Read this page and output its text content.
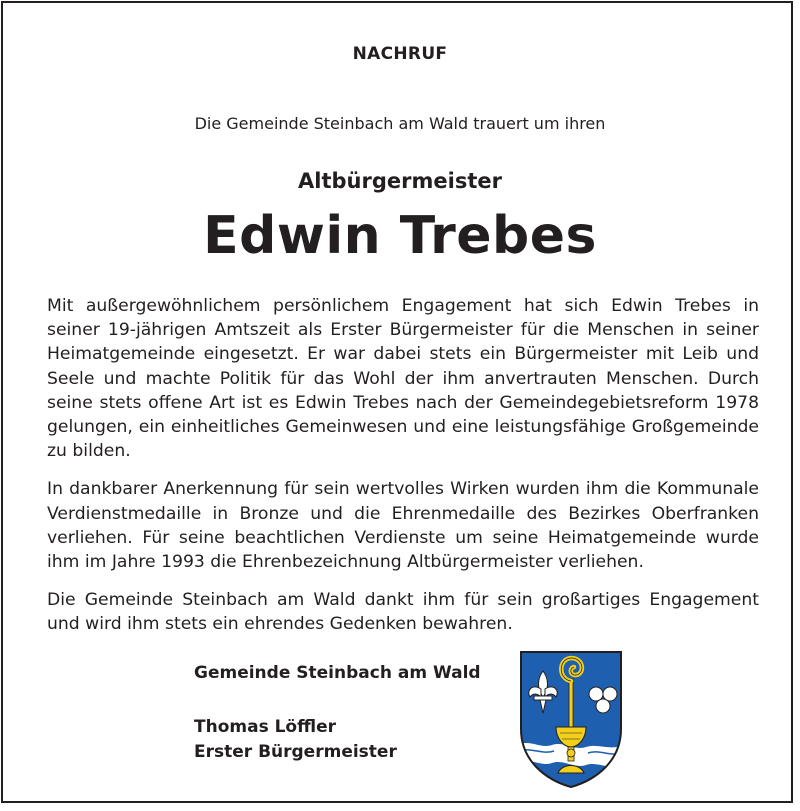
NACHRUF
Die Gemeinde Steinbach am Wald trauert um ihren
Altbürgermeister
Edwin Trebes

Mit außergewöhnlichem persönlichem Engagement hat sich Edwin Trebes in seiner 19-jährigen Amtszeit als Erster Bürgermeister für die Menschen in seiner Heimatgemeinde eingesetzt. Er war dabei stets ein Bürgermeister mit Leib und Seele und machte Politik für das Wohl der ihm anvertrauten Menschen. Durch seine stets offene Art ist es Edwin Trebes nach der Gemeindegebietsreform 1978 gelungen, ein einheitliches Gemeinwesen und eine leistungsfähige Großgemeinde zu bilden.

In dankbarer Anerkennung für sein wertvolles Wirken wurden ihm die Kommunale Verdienstmedaille in Bronze und die Ehrenmedaille des Bezirkes Oberfranken verliehen. Für seine beachtlichen Verdienste um seine Heimatgemeinde wurde ihm im Jahre 1993 die Ehrenbezeichnung Altbürgermeister verliehen.

Die Gemeinde Steinbach am Wald dankt ihm für sein großartiges Engagement und wird ihm stets ein ehrendes Gedenken bewahren.

Gemeinde Steinbach am Wald
Thomas Löffler
Erster Bürgermeister
